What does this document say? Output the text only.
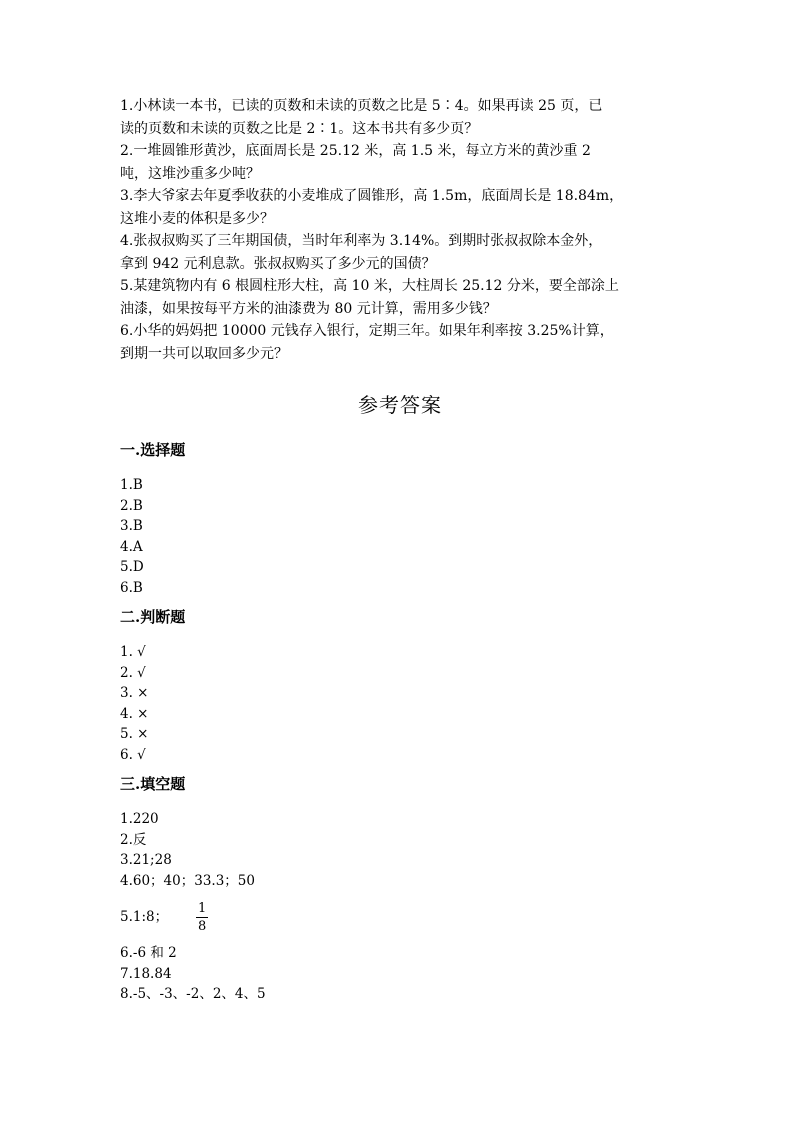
1.小林读一本书，已读的页数和未读的页数之比是 5∶4。如果再读 25 页，已

读的页数和未读的页数之比是 2∶1。这本书共有多少页？

2.一堆圆锥形黄沙，底面周长是 25.12 米，高 1.5 米，每立方米的黄沙重 2

吨，这堆沙重多少吨？

3.李大爷家去年夏季收获的小麦堆成了圆锥形，高 1.5m，底面周长是 18.84m，

这堆小麦的体积是多少？

4.张叔叔购买了三年期国债，当时年利率为 3.14%。到期时张叔叔除本金外，

拿到 942 元利息款。张叔叔购买了多少元的国债？

5.某建筑物内有 6 根圆柱形大柱，高 10 米，大柱周长 25.12 分米，要全部涂上

油漆，如果按每平方米的油漆费为 80 元计算，需用多少钱？

6.小华的妈妈把 10000 元钱存入银行，定期三年。如果年利率按 3.25%计算，

到期一共可以取回多少元？

参考答案
一.选择题

1.B

2.B

3.B

4.A

5.D

6.B

二.判断题

1. √

2. √

3. ×

4. ×

5. ×

6. √

三.填空题

1.220

2.反

3.21;28

4.60；40；33.3；50

5.1:8； $\frac{1}{8}$

6.-6 和 2

7.18.84

8.-5、-3、-2、2、4、5
